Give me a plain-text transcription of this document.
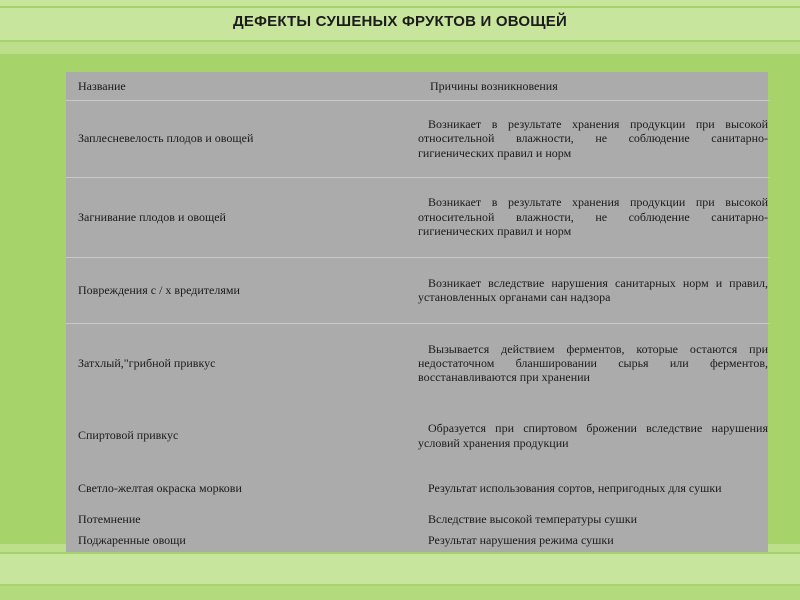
ДЕФЕКТЫ СУШЕНЫХ ФРУКТОВ И ОВОЩЕЙ
Название	Причины возникновения

Заплесневелость плодов и овощей	Возникает в результате хранения продукции при высокой относительной влажности, не соблюдение санитарно-гигиенических правил и норм

Загнивание плодов и овощей	Возникает в результате хранения продукции при высокой относительной влажности, не соблюдение санитарно-гигиенических правил и норм

Повреждения с / х вредителями	Возникает вследствие нарушения санитарных норм и правил, установленных органами сан надзора

Затхлый,"грибной привкус	Вызывается действием ферментов, которые остаются при недостаточном бланшировании сырья или ферментов, восстанавливаются при хранении

Спиртовой привкус	Образуется при спиртовом брожении вследствие нарушения условий хранения продукции

Светло-желтая окраска моркови	Результат использования сортов, непригодных для сушки

Потемнение	Вследствие высокой температуры сушки

Поджаренные овощи	Результат нарушения режима сушки
